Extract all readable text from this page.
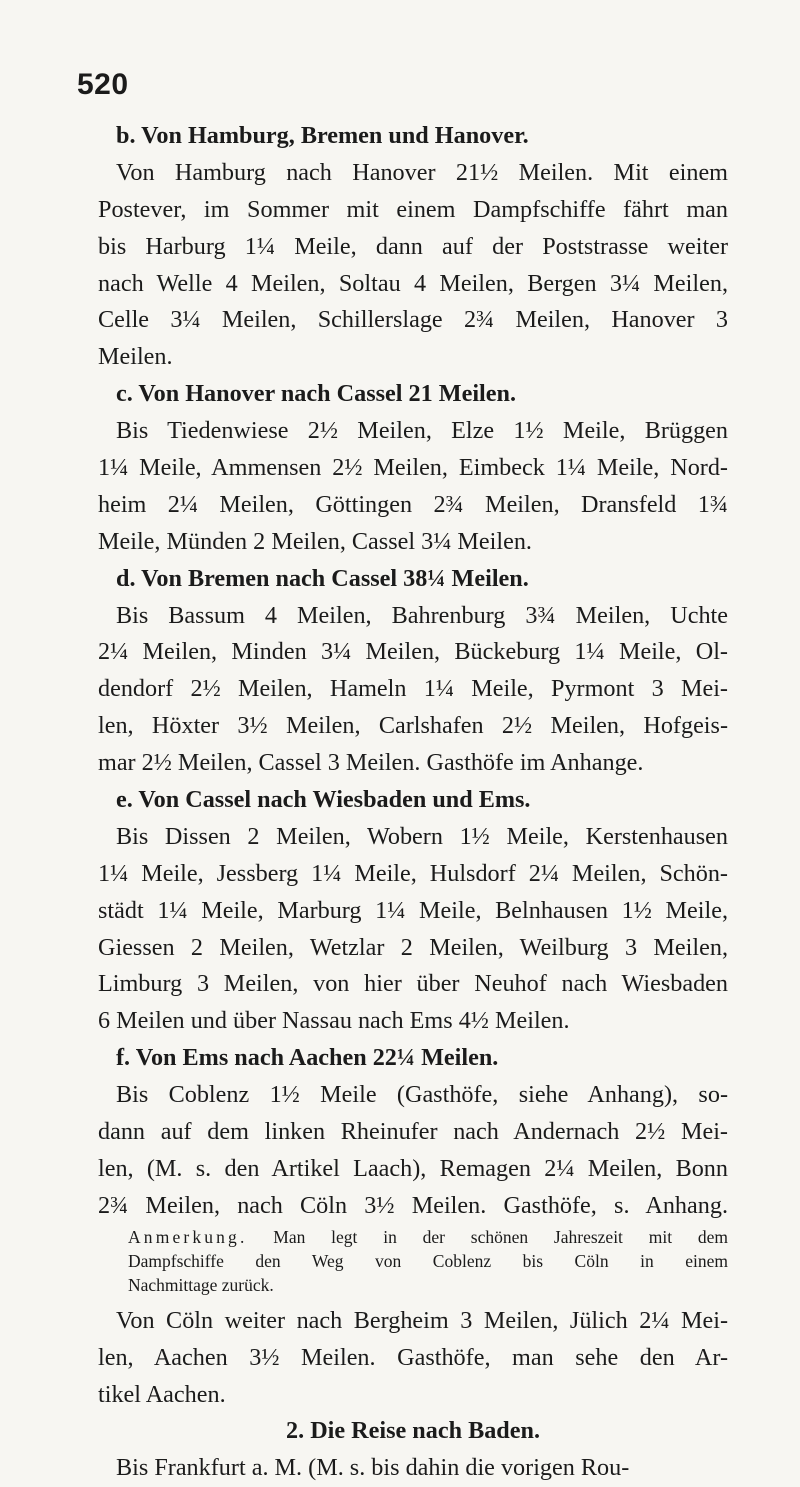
520
b. Von Hamburg, Bremen und Hanover.
Von Hamburg nach Hanover 21½ Meilen. Mit einem
Postever, im Sommer mit einem Dampfschiffe fährt man
bis Harburg 1¼ Meile, dann auf der Poststrasse weiter
nach Welle 4 Meilen, Soltau 4 Meilen, Bergen 3¼ Meilen,
Celle 3¼ Meilen, Schillerslage 2¾ Meilen, Hanover 3
Meilen.
c. Von Hanover nach Cassel 21 Meilen.
Bis Tiedenwiese 2½ Meilen, Elze 1½ Meile, Brüggen
1¼ Meile, Ammensen 2½ Meilen, Eimbeck 1¼ Meile, Nord-
heim 2¼ Meilen, Göttingen 2¾ Meilen, Dransfeld 1¾
Meile, Münden 2 Meilen, Cassel 3¼ Meilen.
d. Von Bremen nach Cassel 38¼ Meilen.
Bis Bassum 4 Meilen, Bahrenburg 3¾ Meilen, Uchte
2¼ Meilen, Minden 3¼ Meilen, Bückeburg 1¼ Meile, Ol-
dendorf 2½ Meilen, Hameln 1¼ Meile, Pyrmont 3 Mei-
len, Höxter 3½ Meilen, Carlshafen 2½ Meilen, Hofgeis-
mar 2½ Meilen, Cassel 3 Meilen. Gasthöfe im Anhange.
e. Von Cassel nach Wiesbaden und Ems.
Bis Dissen 2 Meilen, Wobern 1½ Meile, Kerstenhausen
1¼ Meile, Jessberg 1¼ Meile, Hulsdorf 2¼ Meilen, Schön-
städt 1¼ Meile, Marburg 1¼ Meile, Belnhausen 1½ Meile,
Giessen 2 Meilen, Wetzlar 2 Meilen, Weilburg 3 Meilen,
Limburg 3 Meilen, von hier über Neuhof nach Wiesbaden
6 Meilen und über Nassau nach Ems 4½ Meilen.
f. Von Ems nach Aachen 22¼ Meilen.
Bis Coblenz 1½ Meile (Gasthöfe, siehe Anhang), so-
dann auf dem linken Rheinufer nach Andernach 2½ Mei-
len, (M. s. den Artikel Laach), Remagen 2¼ Meilen, Bonn
2¾ Meilen, nach Cöln 3½ Meilen. Gasthöfe, s. Anhang.
Anmerkung. Man legt in der schönen Jahreszeit mit dem
Dampfschiffe den Weg von Coblenz bis Cöln in einem
Nachmittage zurück.
Von Cöln weiter nach Bergheim 3 Meilen, Jülich 2¼ Mei-
len, Aachen 3½ Meilen. Gasthöfe, man sehe den Ar-
tikel Aachen.
2. Die Reise nach Baden.
Bis Frankfurt a. M. (M. s. bis dahin die vorigen Rou-
